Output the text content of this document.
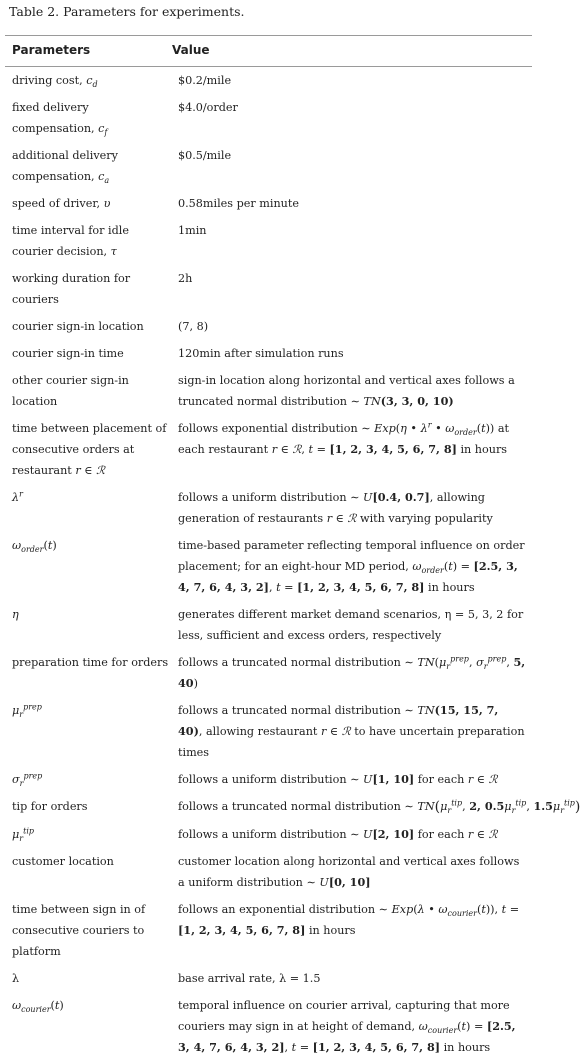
Table 2. Parameters for experiments.
Parameters	Value
driving cost, $c_d$	$0.2/mile
fixed delivery compensation, $c_f$	$4.0/order
additional delivery compensation, $c_a$	$0.5/mile
speed of driver, υ	0.58miles per minute
time interval for idle courier decision, τ	1min
working duration for couriers	2h
courier sign-in location	(7, 8)
courier sign-in time	120min after simulation runs
other courier sign-in location	sign-in location along horizontal and vertical axes follows a truncated normal distribution ∼ TN(3, 3, 0, 10)
time between placement of consecutive orders at restaurant r ∈ ℛ	follows exponential distribution ∼ Exp(η • $\lambda^r$ • $\omega_{order}(t)$) at each restaurant r ∈ ℛ, t = [1, 2, 3, 4, 5, 6, 7, 8] in hours
$\lambda^r$	follows a uniform distribution ∼ U[0.4, 0.7], allowing generation of restaurants r ∈ ℛ with varying popularity
$\omega_{order}(t)$	time-based parameter reflecting temporal influence on order placement; for an eight-hour MD period, $\omega_{order}(t) = [2.5$, 3, 4, 7, 6, 4, 3, 2], t = [1, 2, 3, 4, 5, 6, 7, 8] in hours
η	generates different market demand scenarios, η = 5, 3, 2 for less, sufficient and excess orders, respectively
preparation time for orders	follows a truncated normal distribution ∼ $TN(\mu_r^{prep}$, $\sigma_r^{prep}$, 5, 40)
$\mu_r^{prep}$	follows a truncated normal distribution ∼ TN(15, 15, 7, 40), allowing restaurant r ∈ ℛ to have uncertain preparation times
$\sigma_r^{prep}$	follows a uniform distribution ∼ U[1, 10] for each r ∈ ℛ
tip for orders	follows a truncated normal distribution ∼ $TN(\mu_r^{tip}$, 2, $0.5\mu_r^{tip}$, $1.5\mu_r^{tip}$)
$\mu_r^{tip}$	follows a uniform distribution ∼ U[2, 10] for each r ∈ ℛ
customer location	customer location along horizontal and vertical axes follows a uniform distribution ∼ U[0, 10]
time between sign in of consecutive couriers to platform	follows an exponential distribution ∼ Exp(λ • $\omega_{courier}(t)$), t = [1, 2, 3, 4, 5, 6, 7, 8] in hours
λ	base arrival rate, λ = 1.5
$\omega_{courier}(t)$	temporal influence on courier arrival, capturing that more couriers may sign in at height of demand, $\omega_{courier}(t) = [2.5$, 3, 4, 7, 6, 4, 3, 2], t = [1, 2, 3, 4, 5, 6, 7, 8] in hours
